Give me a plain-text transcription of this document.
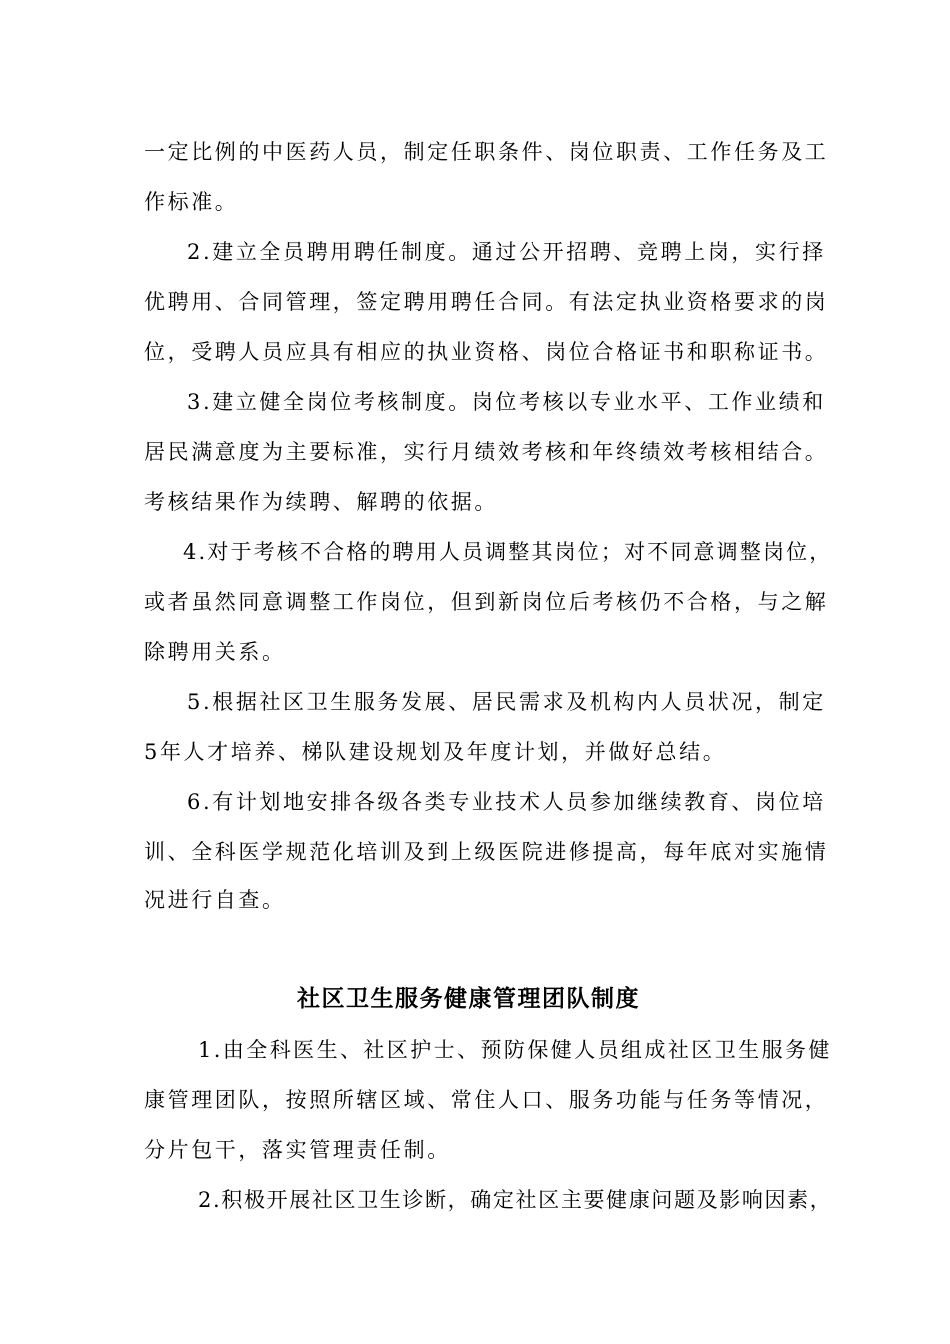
一定比例的中医药人员，制定任职条件、岗位职责、工作任务及工
作标准。
2.建立全员聘用聘任制度。通过公开招聘、竞聘上岗，实行择
优聘用、合同管理，签定聘用聘任合同。有法定执业资格要求的岗
位，受聘人员应具有相应的执业资格、岗位合格证书和职称证书。
3.建立健全岗位考核制度。岗位考核以专业水平、工作业绩和
居民满意度为主要标准，实行月绩效考核和年终绩效考核相结合。
考核结果作为续聘、解聘的依据。
4.对于考核不合格的聘用人员调整其岗位；对不同意调整岗位，
或者虽然同意调整工作岗位，但到新岗位后考核仍不合格，与之解
除聘用关系。
5.根据社区卫生服务发展、居民需求及机构内人员状况，制定
5年人才培养、梯队建设规划及年度计划，并做好总结。
6.有计划地安排各级各类专业技术人员参加继续教育、岗位培
训、全科医学规范化培训及到上级医院进修提高，每年底对实施情
况进行自查。
社区卫生服务健康管理团队制度
1.由全科医生、社区护士、预防保健人员组成社区卫生服务健
康管理团队，按照所辖区域、常住人口、服务功能与任务等情况，
分片包干，落实管理责任制。
2.积极开展社区卫生诊断，确定社区主要健康问题及影响因素，
